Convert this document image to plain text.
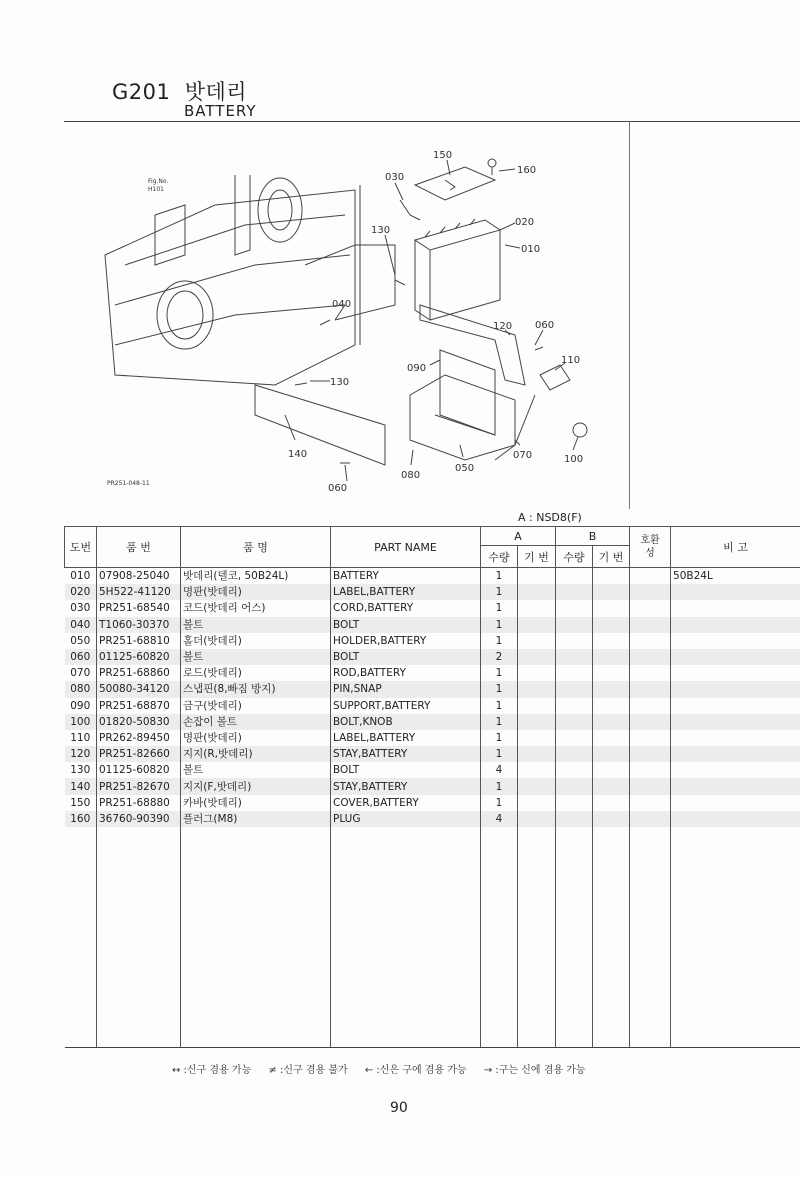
G201 밧데리
BATTERY
Fig.No.
H101
150
160
030
020
010
130
040
120 060
090
110
130
140
050
070	100
080
060
PR251-048-11
A : NSD8(F)
도번	품 번	품 명	PART NAME	A		B		호환성	비 고
				수량	기 번	수량	기 번		
010	07908-25040	밧데리(델코, 50B24L)	BATTERY	1					50B24L
020	5H522-41120	명판(밧데리)	LABEL,BATTERY	1					
030	PR251-68540	코드(밧데리 어스)	CORD,BATTERY	1					
040	T1060-30370	볼트	BOLT	1					
050	PR251-68810	홀더(밧데리)	HOLDER,BATTERY	1					
060	01125-60820	볼트	BOLT	2					
070	PR251-68860	로드(밧데리)	ROD,BATTERY	1					
080	50080-34120	스냅핀(8,빠짐 방지)	PIN,SNAP	1					
090	PR251-68870	금구(밧데리)	SUPPORT,BATTERY	1					
100	01820-50830	손잡이 볼트	BOLT,KNOB	1					
110	PR262-89450	명판(밧데리)	LABEL,BATTERY	1					
120	PR251-82660	지지(R,밧데리)	STAY,BATTERY	1					
130	01125-60820	볼트	BOLT	4					
140	PR251-82670	지지(F,밧데리)	STAY,BATTERY	1					
150	PR251-68880	카바(밧데리)	COVER,BATTERY	1					
160	36760-90390	플러그(M8)	PLUG	4					

↔ :신구 겸용 가능 ≠ :신구 겸용 불가 ← :신은 구에 겸용 가능 → :구는 신에 겸용 가능
90
